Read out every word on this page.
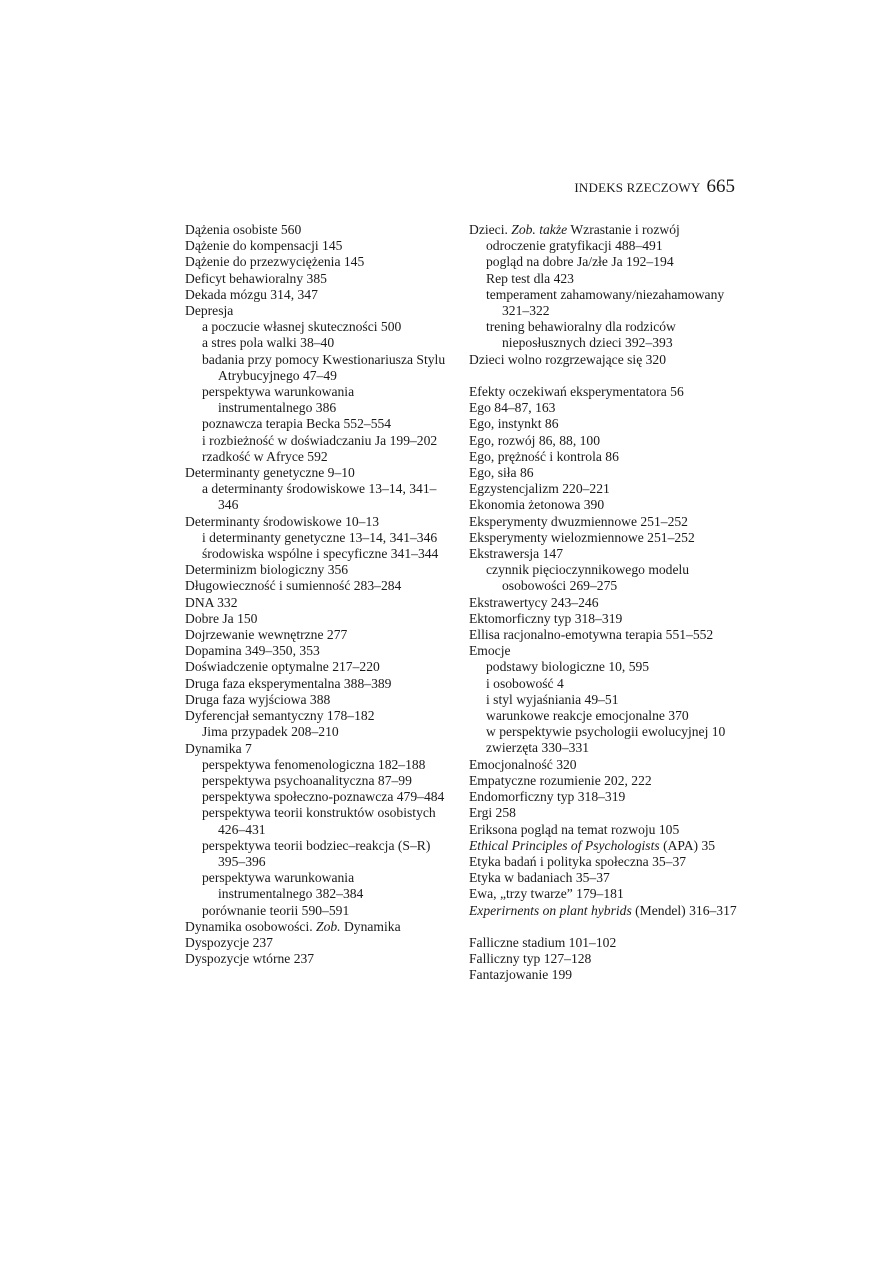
INDEKS RZECZOWY 665
Dążenia osobiste 560
Dążenie do kompensacji 145
Dążenie do przezwyciężenia 145
Deficyt behawioralny 385
Dekada mózgu 314, 347
Depresja
a poczucie własnej skuteczności 500
a stres pola walki 38–40
badania przy pomocy Kwestionariusza Stylu Atrybucyjnego 47–49
perspektywa warunkowania instrumentalnego 386
poznawcza terapia Becka 552–554
i rozbieżność w doświadczaniu Ja 199–202
rzadkość w Afryce 592
Determinanty genetyczne 9–10
a determinanty środowiskowe 13–14, 341–346
Determinanty środowiskowe 10–13
i determinanty genetyczne 13–14, 341–346
środowiska wspólne i specyficzne 341–344
Determinizm biologiczny 356
Długowieczność i sumienność 283–284
DNA 332
Dobre Ja 150
Dojrzewanie wewnętrzne 277
Dopamina 349–350, 353
Doświadczenie optymalne 217–220
Druga faza eksperymentalna 388–389
Druga faza wyjściowa 388
Dyferencjał semantyczny 178–182
Jima przypadek 208–210
Dynamika 7
perspektywa fenomenologiczna 182–188
perspektywa psychoanalityczna 87–99
perspektywa społeczno-poznawcza 479–484
perspektywa teorii konstruktów osobistych 426–431
perspektywa teorii bodziec–reakcja (S–R) 395–396
perspektywa warunkowania instrumentalnego 382–384
porównanie teorii 590–591
Dynamika osobowości. Zob. Dynamika
Dyspozycje 237
Dyspozycje wtórne 237
Dzieci. Zob. także Wzrastanie i rozwój
odroczenie gratyfikacji 488–491
pogląd na dobre Ja/złe Ja 192–194
Rep test dla 423
temperament zahamowany/niezahamowany 321–322
trening behawioralny dla rodziców nieposłusznych dzieci 392–393
Dzieci wolno rozgrzewające się 320
Efekty oczekiwań eksperymentatora 56
Ego 84–87, 163
Ego, instynkt 86
Ego, rozwój 86, 88, 100
Ego, prężność i kontrola 86
Ego, siła 86
Egzystencjalizm 220–221
Ekonomia żetonowa 390
Eksperymenty dwuzmiennowe 251–252
Eksperymenty wielozmiennowe 251–252
Ekstrawersja 147
czynnik pięcioczynnikowego modelu osobowości 269–275
Ekstrawertycy 243–246
Ektomorficzny typ 318–319
Ellisa racjonalno-emotywna terapia 551–552
Emocje
podstawy biologiczne 10, 595
i osobowość 4
i styl wyjaśniania 49–51
warunkowe reakcje emocjonalne 370
w perspektywie psychologii ewolucyjnej 10
zwierzęta 330–331
Emocjonalność 320
Empatyczne rozumienie 202, 222
Endomorficzny typ 318–319
Ergi 258
Eriksona pogląd na temat rozwoju 105
Ethical Principles of Psychologists (APA) 35
Etyka badań i polityka społeczna 35–37
Etyka w badaniach 35–37
Ewa, „trzy twarze” 179–181
Experirnents on plant hybrids (Mendel) 316–317
Falliczne stadium 101–102
Falliczny typ 127–128
Fantazjowanie 199
